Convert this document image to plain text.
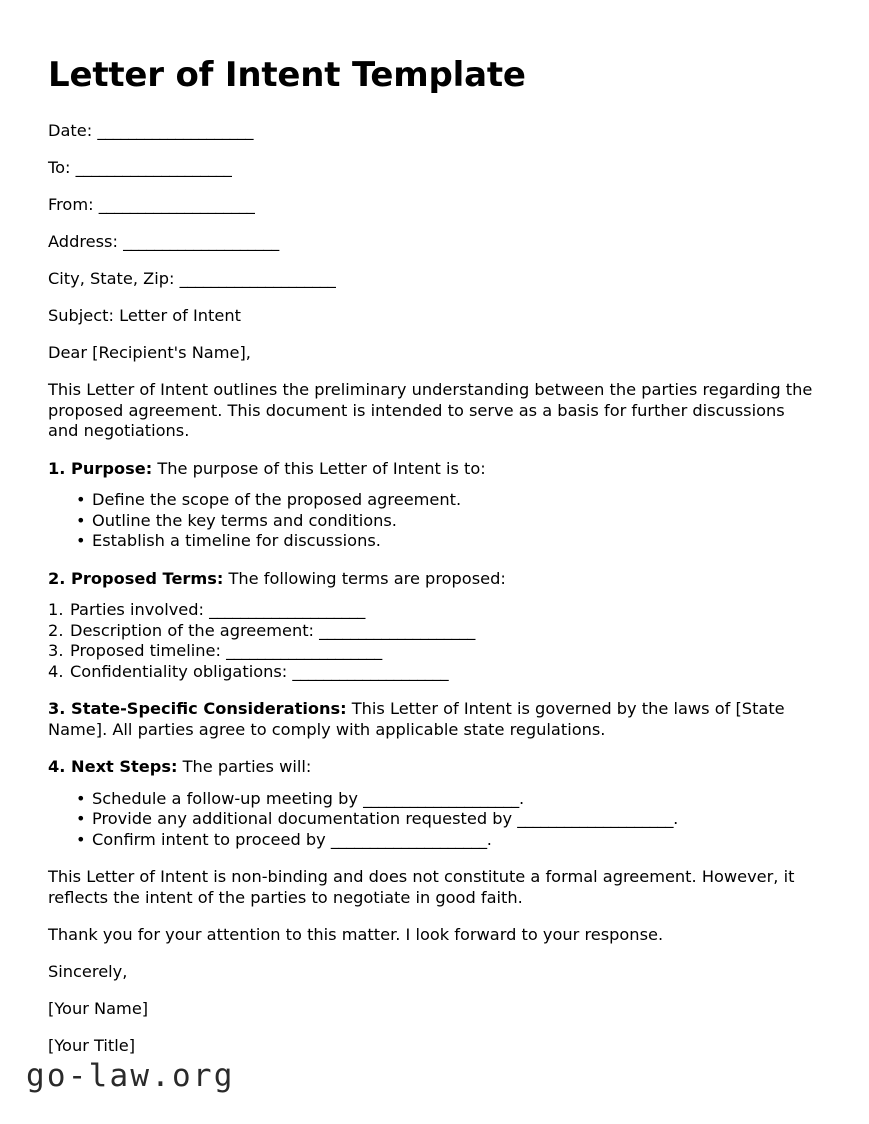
Letter of Intent Template

Date: ____________________

To: ____________________

From: ____________________

Address: ____________________

City, State, Zip: ____________________

Subject: Letter of Intent

Dear [Recipient's Name],

This Letter of Intent outlines the preliminary understanding between the parties regarding the proposed agreement. This document is intended to serve as a basis for further discussions and negotiations.

1. Purpose: The purpose of this Letter of Intent is to:

• Define the scope of the proposed agreement.
• Outline the key terms and conditions.
• Establish a timeline for discussions.

2. Proposed Terms: The following terms are proposed:

Parties involved: ____________________
Description of the agreement: ____________________
Proposed timeline: ____________________
Confidentiality obligations: ____________________

3. State-Specific Considerations: This Letter of Intent is governed by the laws of [State Name]. All parties agree to comply with applicable state regulations.

4. Next Steps: The parties will:

• Schedule a follow-up meeting by ____________________.
• Provide any additional documentation requested by ____________________.
• Confirm intent to proceed by ____________________.

This Letter of Intent is non-binding and does not constitute a formal agreement. However, it reflects the intent of the parties to negotiate in good faith.

Thank you for your attention to this matter. I look forward to your response.

Sincerely,

[Your Name]

[Your Title]

go-law.org
